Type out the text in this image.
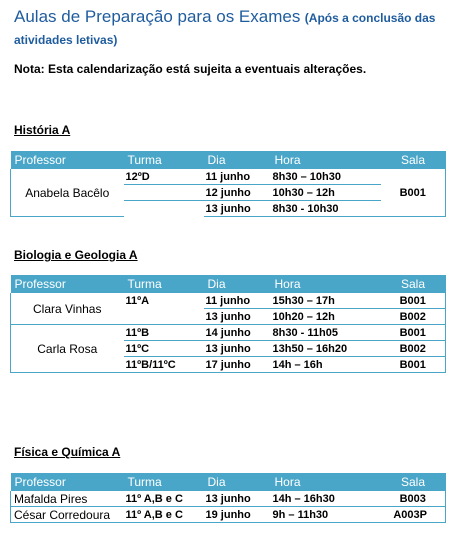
Aulas de Preparação para os Exames (Após a conclusão das atividades letivas)
Nota: Esta calendarização está sujeita a eventuais alterações.
História A
Professor	Turma	Dia	Hora	Sala
Anabela Bacêlo	12ºD	11 junho	8h30 – 10h30	B001
		12 junho	10h30 – 12h	
		13 junho	8h30 - 10h30	
Biologia e Geologia A
Professor	Turma	Dia	Hora	Sala
Clara Vinhas	11ºA	11 junho	15h30 – 17h	B001
		13 junho	10h20 – 12h	B002
Carla Rosa	11ºB	14 junho	8h30 - 11h05	B001
	11ºC	13 junho	13h50 – 16h20	B002
	11ºB/11ºC	17 junho	14h – 16h	B001
Física e Química A
Professor	Turma	Dia	Hora	Sala
Mafalda Pires	11º A,B e C	13 junho	14h – 16h30	B003
César Corredoura	11º A,B e C	19 junho	9h – 11h30	A003P
